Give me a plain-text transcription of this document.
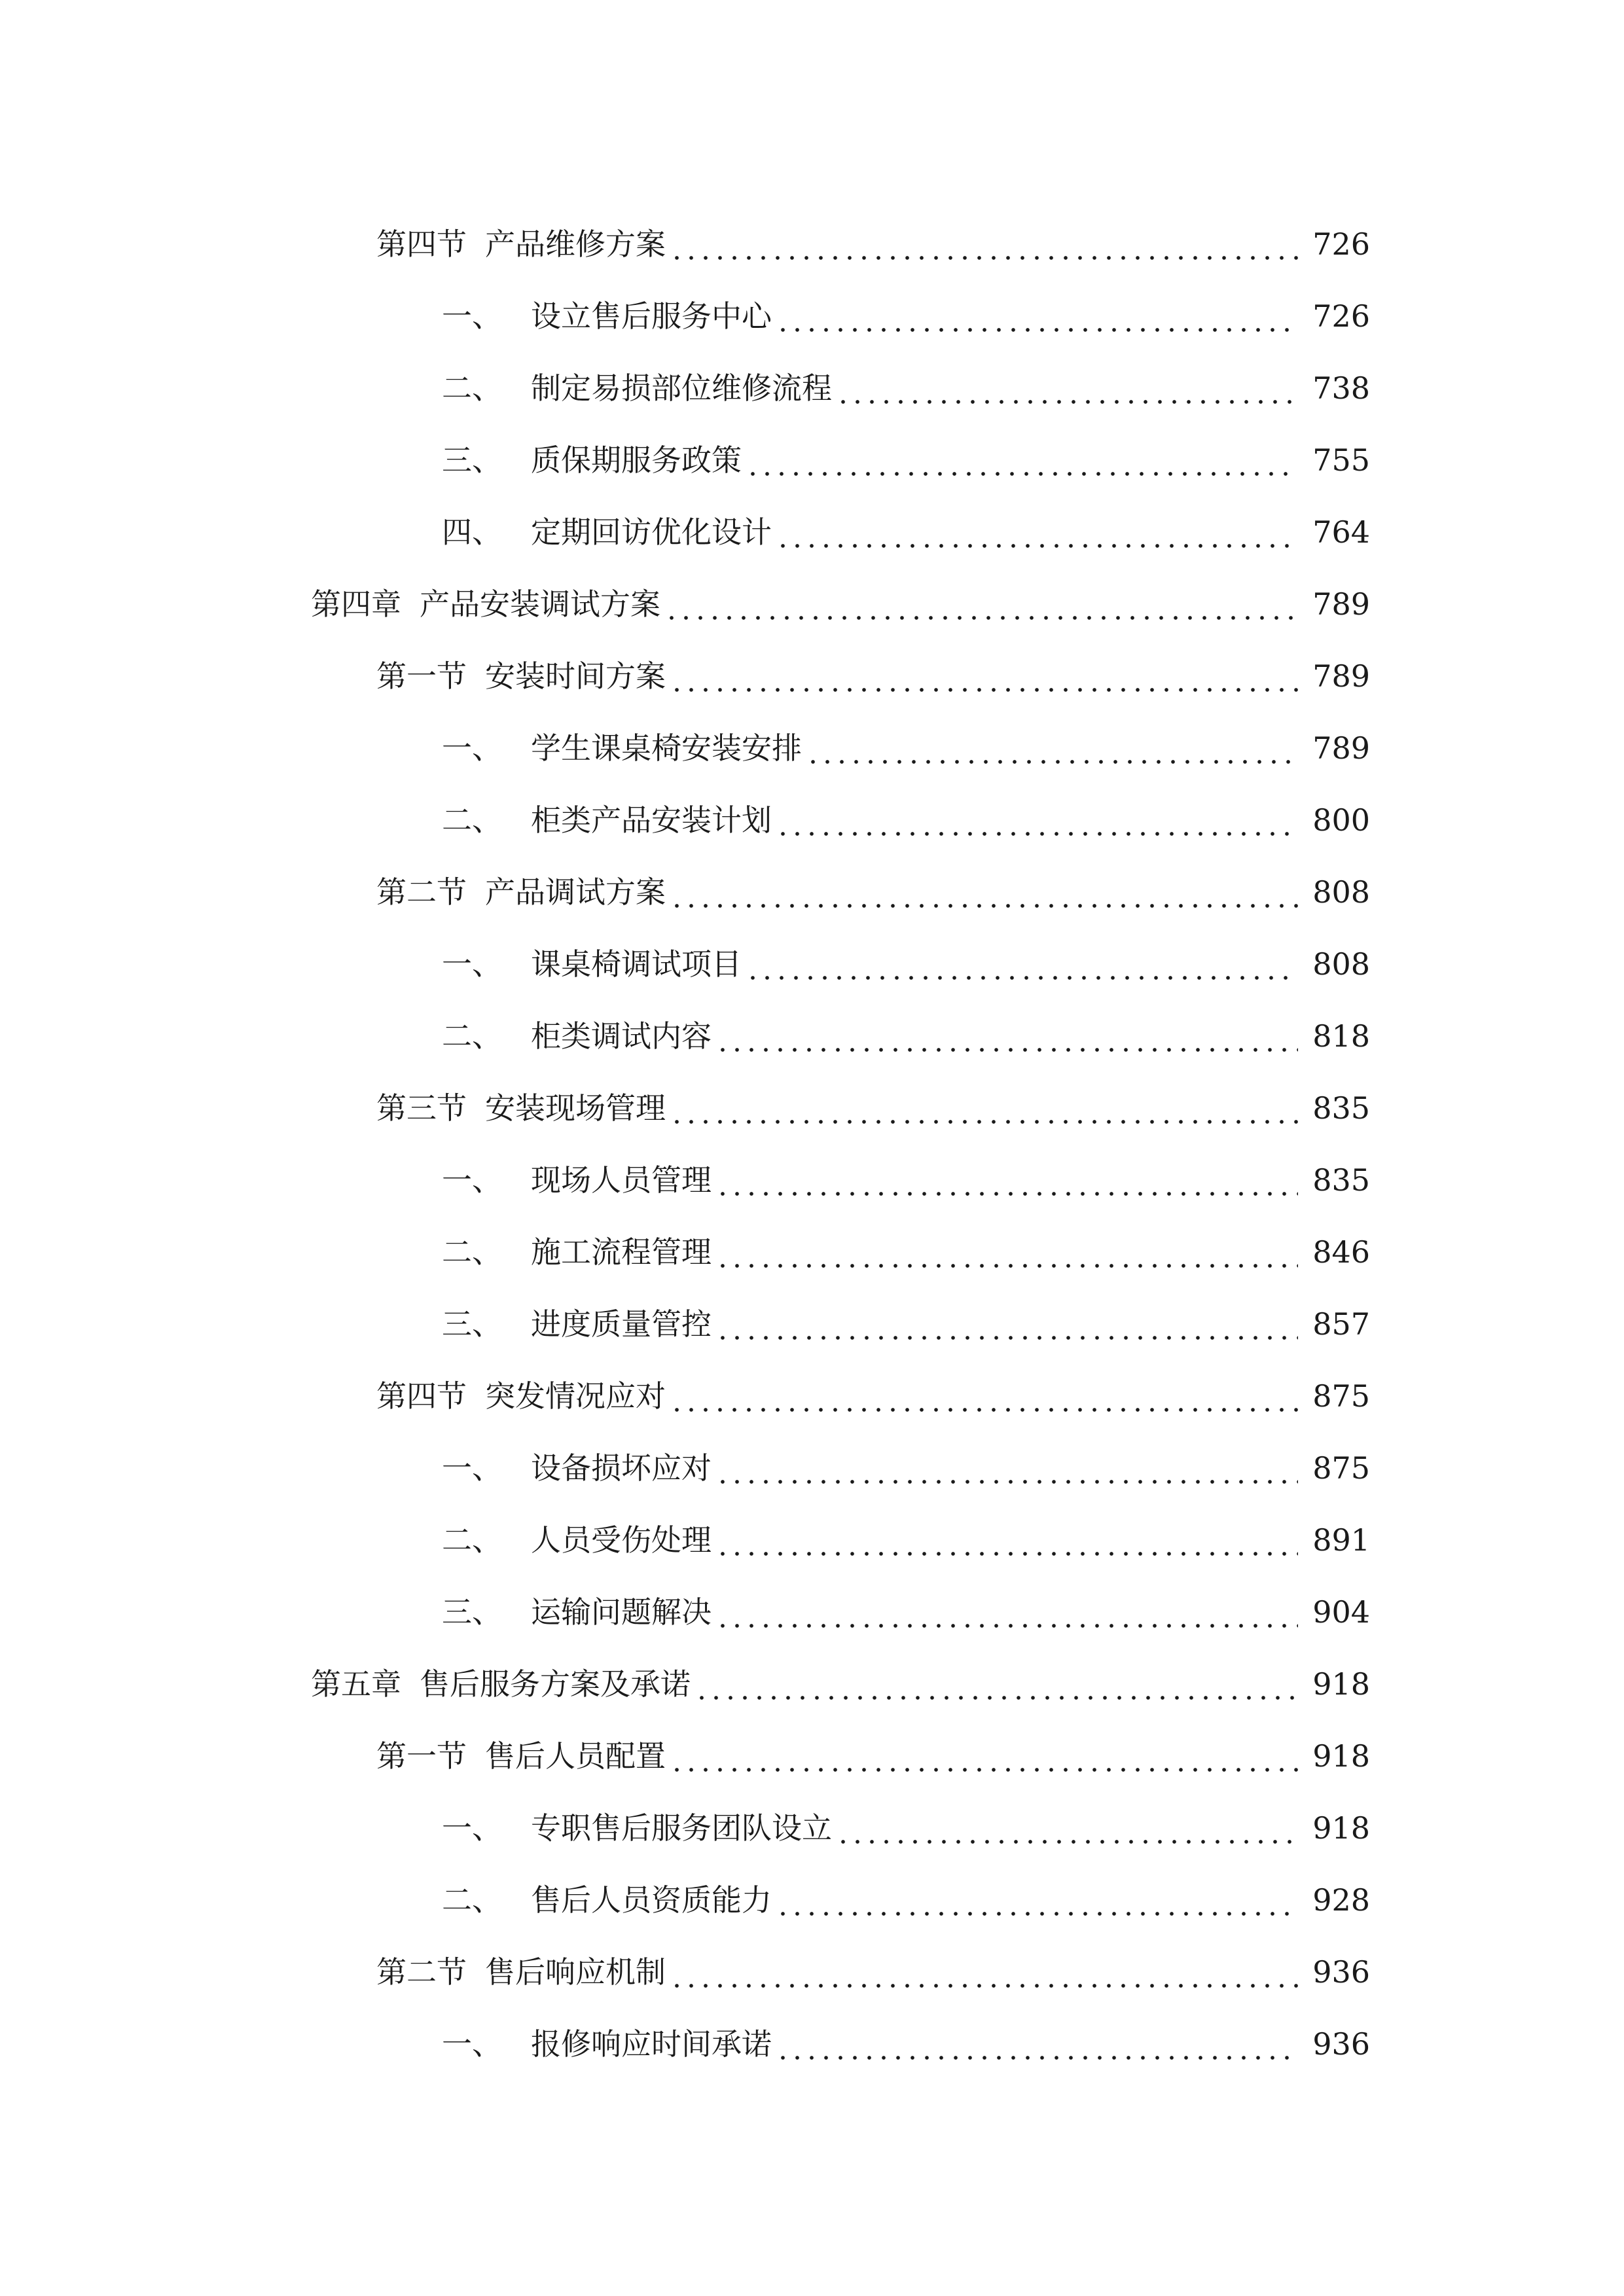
第四节 产品维修方案	726
一、 设立售后服务中心	726
二、 制定易损部位维修流程	738
三、 质保期服务政策	755
四、 定期回访优化设计	764
第四章 产品安装调试方案	789
第一节 安装时间方案	789
一、 学生课桌椅安装安排	789
二、 柜类产品安装计划	800
第二节 产品调试方案	808
一、 课桌椅调试项目	808
二、 柜类调试内容	818
第三节 安装现场管理	835
一、 现场人员管理	835
二、 施工流程管理	846
三、 进度质量管控	857
第四节 突发情况应对	875
一、 设备损坏应对	875
二、 人员受伤处理	891
三、 运输问题解决	904
第五章 售后服务方案及承诺	918
第一节 售后人员配置	918
一、 专职售后服务团队设立	918
二、 售后人员资质能力	928
第二节 售后响应机制	936
一、 报修响应时间承诺	936
